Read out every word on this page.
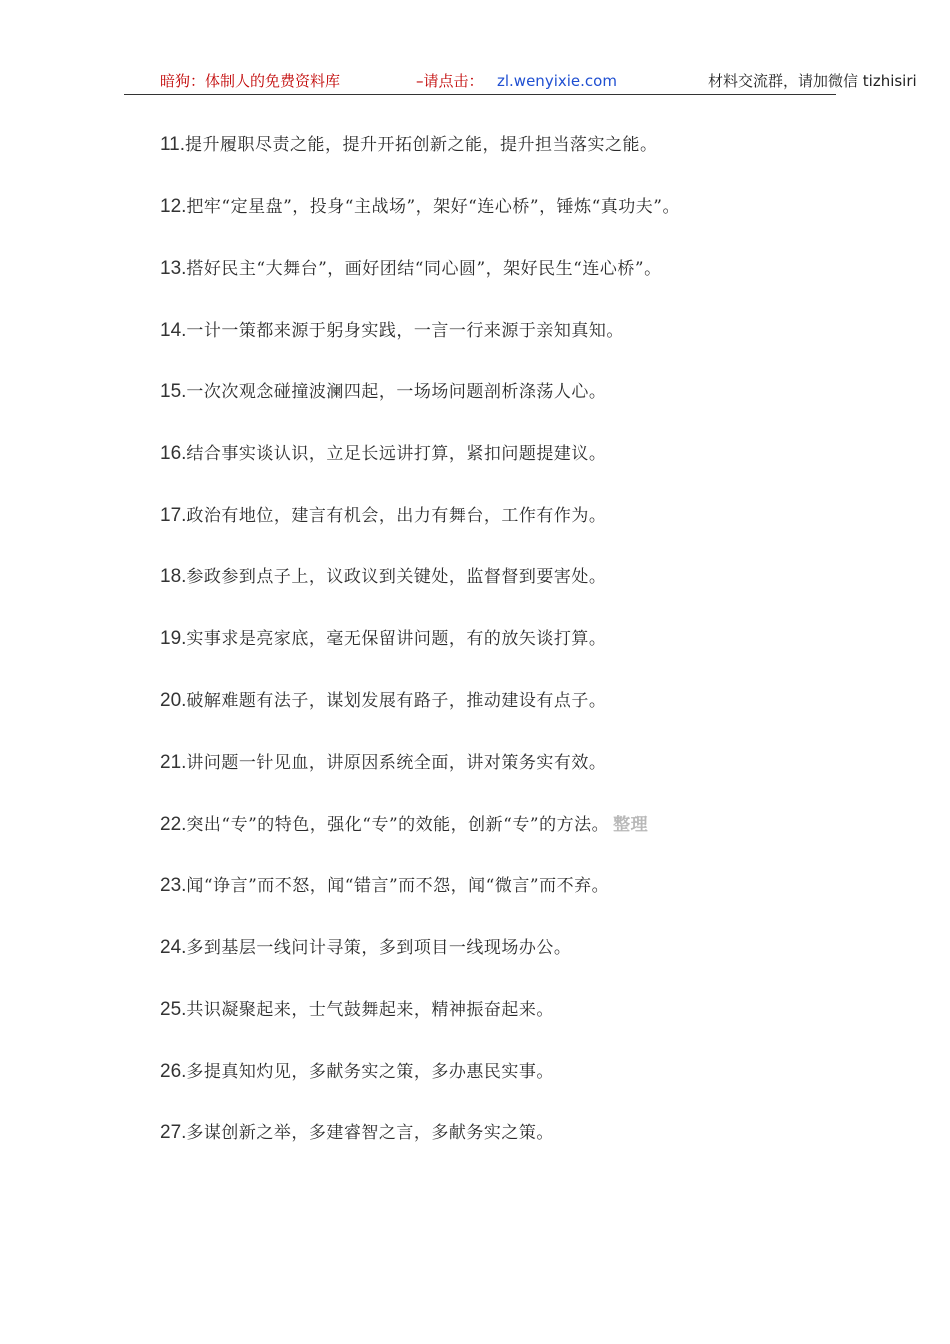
暗狗：体制人的免费资料库	–请点击： zl.wenyixie.com	材料交流群，请加微信 tizhisiri
11.提升履职尽责之能，提升开拓创新之能，提升担当落实之能。
12.把牢“定星盘”，投身“主战场”，架好“连心桥”，锤炼“真功夫”。
13.搭好民主“大舞台”，画好团结“同心圆”，架好民生“连心桥”。
14.一计一策都来源于躬身实践，一言一行来源于亲知真知。
15.一次次观念碰撞波澜四起，一场场问题剖析涤荡人心。
16.结合事实谈认识，立足长远讲打算，紧扣问题提建议。
17.政治有地位，建言有机会，出力有舞台，工作有作为。
18.参政参到点子上，议政议到关键处，监督督到要害处。
19.实事求是亮家底，毫无保留讲问题，有的放矢谈打算。
20.破解难题有法子，谋划发展有路子，推动建设有点子。
21.讲问题一针见血，讲原因系统全面，讲对策务实有效。
22.突出“专”的特色，强化“专”的效能，创新“专”的方法。 整理
23.闻“诤言”而不怒，闻“错言”而不怨，闻“微言”而不弃。
24.多到基层一线问计寻策，多到项目一线现场办公。
25.共识凝聚起来，士气鼓舞起来，精神振奋起来。
26.多提真知灼见，多献务实之策，多办惠民实事。
27.多谋创新之举，多建睿智之言，多献务实之策。
